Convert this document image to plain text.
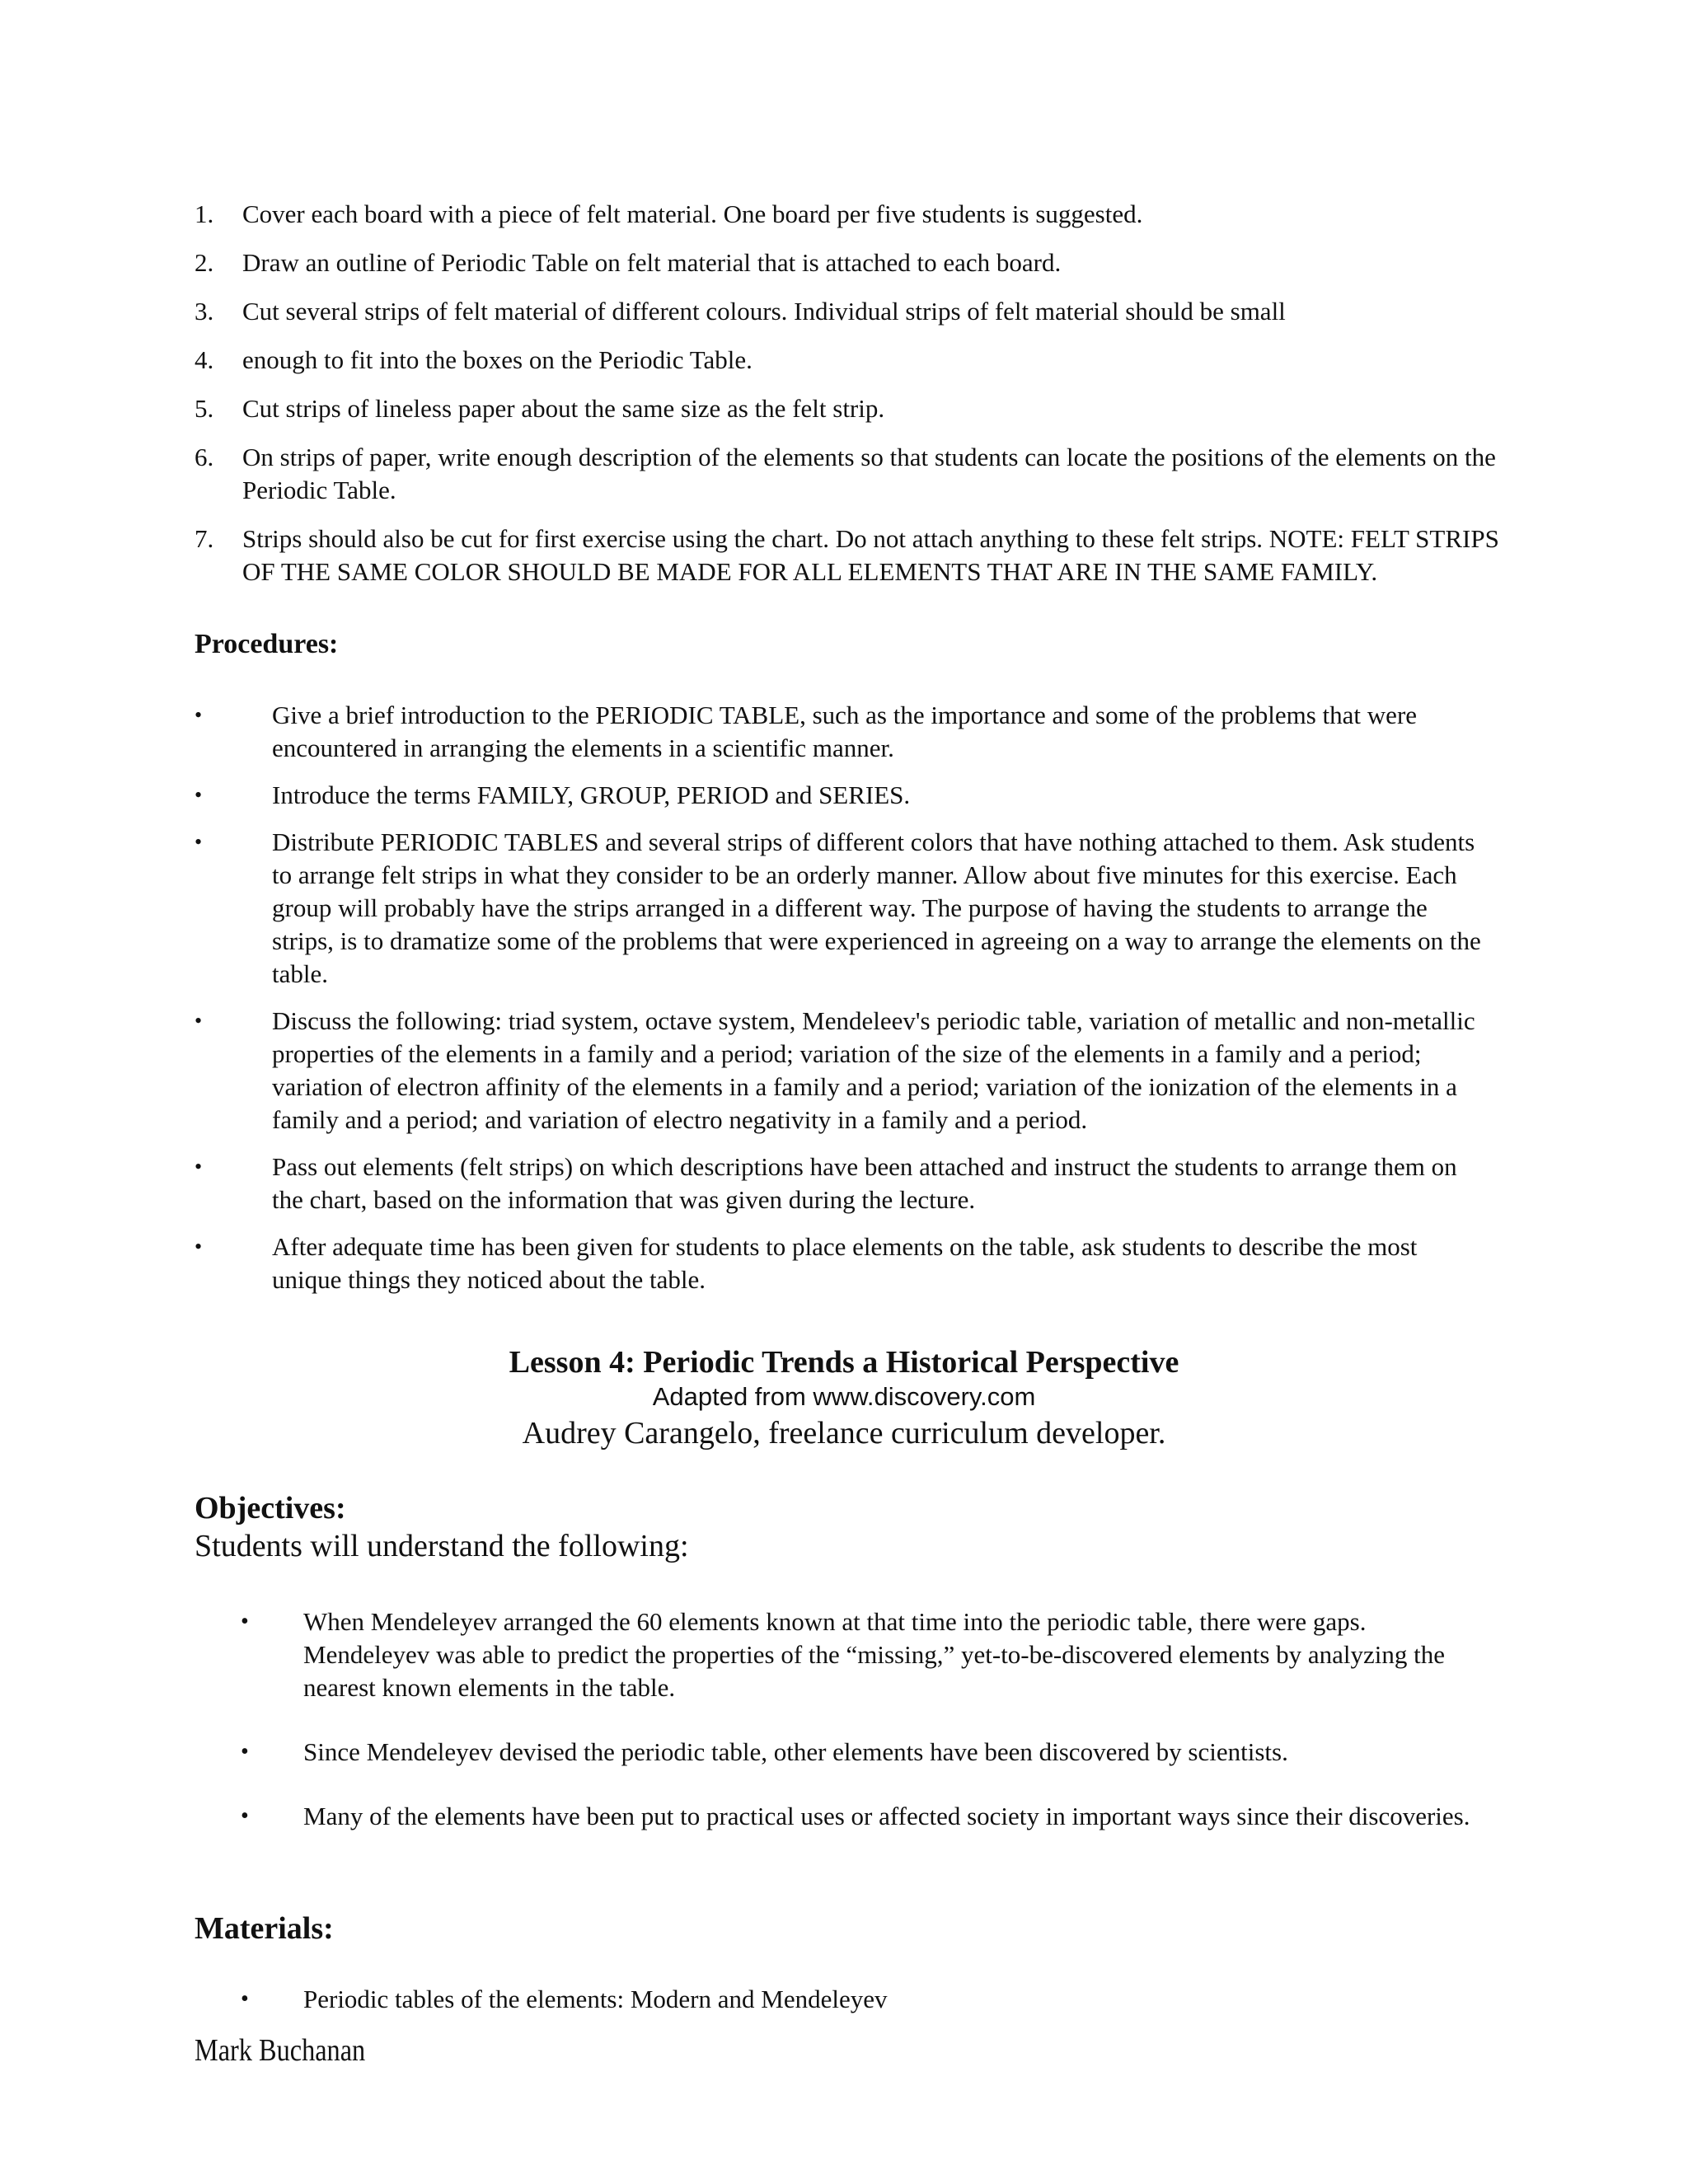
1. Cover each board with a piece of felt material. One board per five students is suggested.
2. Draw an outline of Periodic Table on felt material that is attached to each board.
3. Cut several strips of felt material of different colours. Individual strips of felt material should be small
4. enough to fit into the boxes on the Periodic Table.
5. Cut strips of lineless paper about the same size as the felt strip.
6. On strips of paper, write enough description of the elements so that students can locate the positions of the elements on the Periodic Table.
7. Strips should also be cut for first exercise using the chart. Do not attach anything to these felt strips. NOTE: FELT STRIPS OF THE SAME COLOR SHOULD BE MADE FOR ALL ELEMENTS THAT ARE IN THE SAME FAMILY.
Procedures:
•	Give a brief introduction to the PERIODIC TABLE, such as the importance and some of the problems that were encountered in arranging the elements in a scientific manner.
•	Introduce the terms FAMILY, GROUP, PERIOD and SERIES.
•	Distribute PERIODIC TABLES and several strips of different colors that have nothing attached to them. Ask students to arrange felt strips in what they consider to be an orderly manner. Allow about five minutes for this exercise. Each group will probably have the strips arranged in a different way. The purpose of having the students to arrange the strips, is to dramatize some of the problems that were experienced in agreeing on a way to arrange the elements on the table.
•	Discuss the following: triad system, octave system, Mendeleev's periodic table, variation of metallic and non-metallic properties of the elements in a family and a period; variation of the size of the elements in a family and a period; variation of electron affinity of the elements in a family and a period; variation of the ionization of the elements in a family and a period; and variation of electro negativity in a family and a period.
•	Pass out elements (felt strips) on which descriptions have been attached and instruct the students to arrange them on the chart, based on the information that was given during the lecture.
•	After adequate time has been given for students to place elements on the table, ask students to describe the most unique things they noticed about the table.
Lesson 4: Periodic Trends a Historical Perspective
Adapted from www.discovery.com
Audrey Carangelo, freelance curriculum developer.
Objectives:
Students will understand the following:
• When Mendeleyev arranged the 60 elements known at that time into the periodic table, there were gaps. Mendeleyev was able to predict the properties of the “missing,” yet-to-be-discovered elements by analyzing the nearest known elements in the table.
• Since Mendeleyev devised the periodic table, other elements have been discovered by scientists.
• Many of the elements have been put to practical uses or affected society in important ways since their discoveries.
Materials:
• Periodic tables of the elements: Modern and Mendeleyev
Mark Buchanan
